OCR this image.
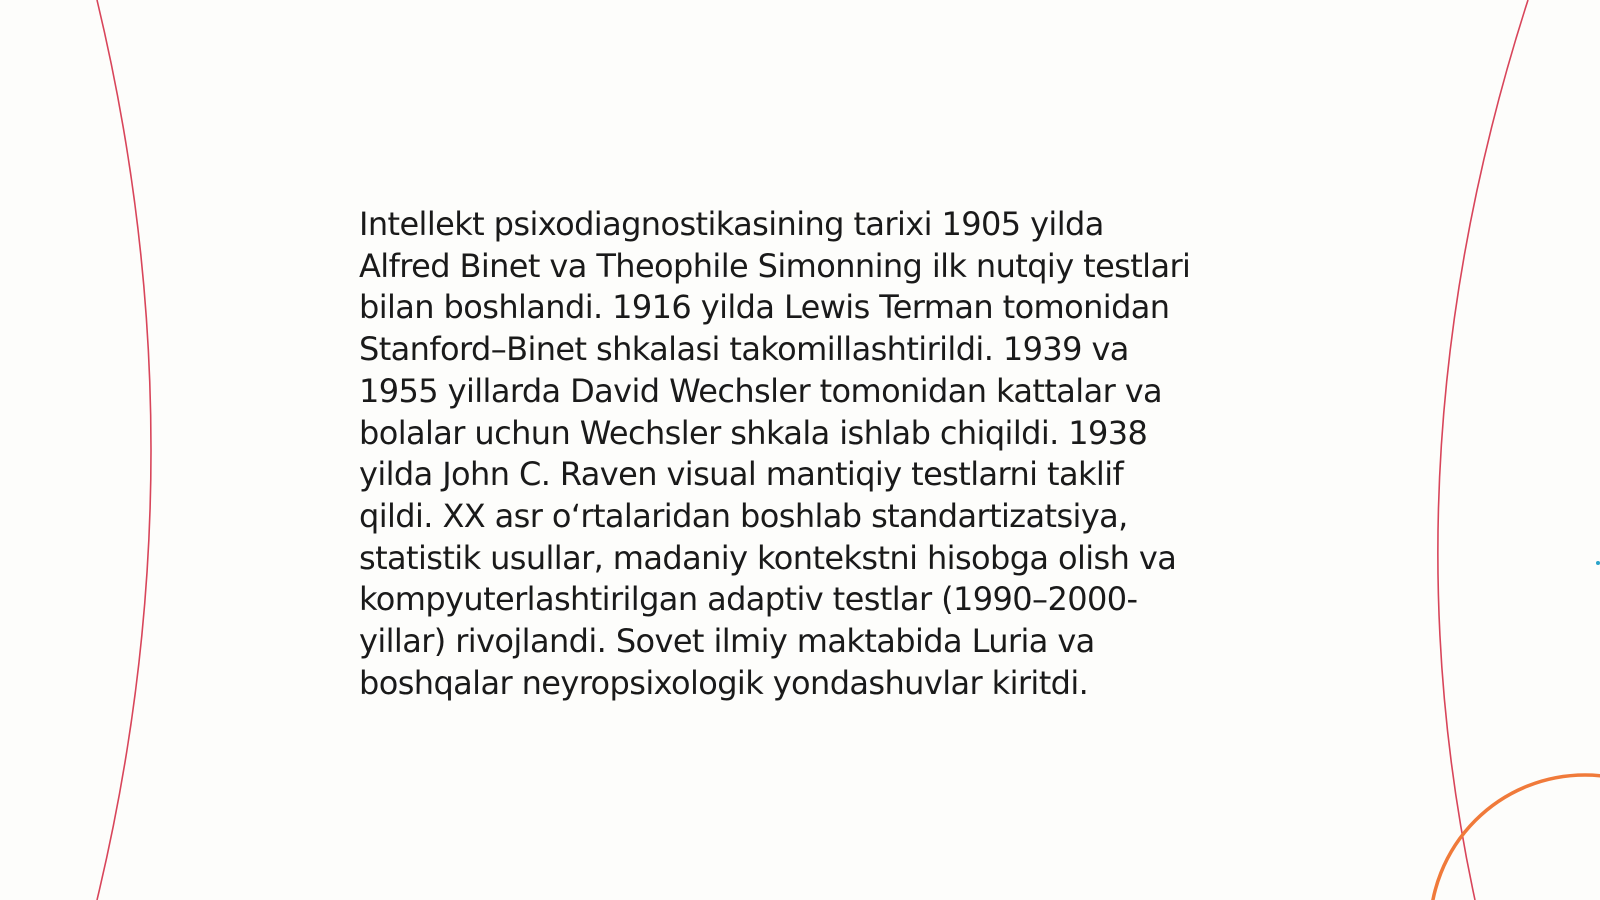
Intellekt psixodiagnostikasining tarixi 1905 yilda
Alfred Binet va Theophile Simonning ilk nutqiy testlari
bilan boshlandi. 1916 yilda Lewis Terman tomonidan
Stanford–Binet shkalasi takomillashtirildi. 1939 va
1955 yillarda David Wechsler tomonidan kattalar va
bolalar uchun Wechsler shkala ishlab chiqildi. 1938
yilda John C. Raven visual mantiqiy testlarni taklif
qildi. XX asr o‘rtalaridan boshlab standartizatsiya,
statistik usullar, madaniy kontekstni hisobga olish va
kompyuterlashtirilgan adaptiv testlar (1990–2000-
yillar) rivojlandi. Sovet ilmiy maktabida Luria va
boshqalar neyropsixologik yondashuvlar kiritdi.
